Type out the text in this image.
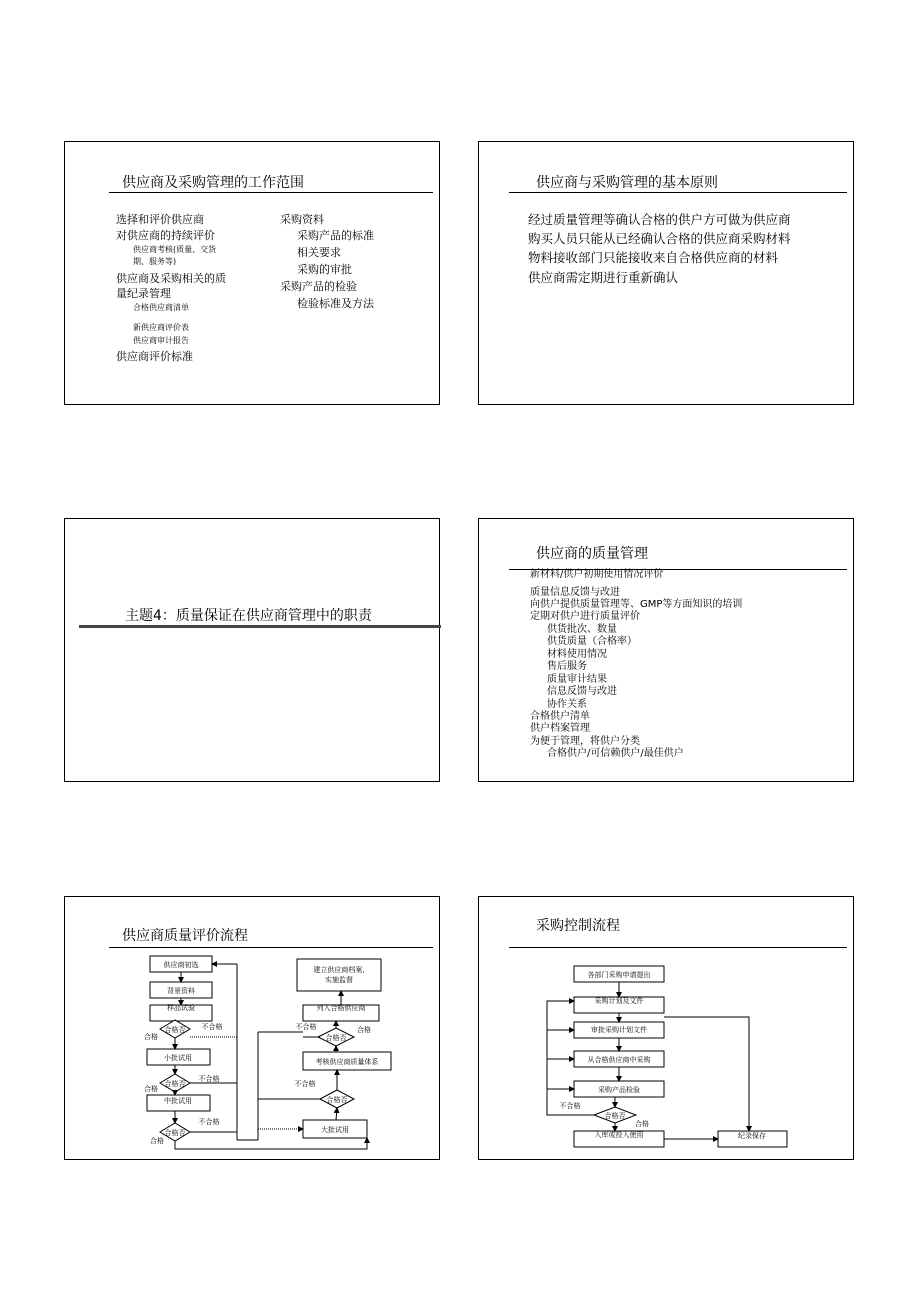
供应商及采购管理的工作范围
选择和评价供应商
对供应商的持续评价
供应商考核(质量、交货
期、服务等)
供应商及采购相关的质
量纪录管理
合格供应商清单
新供应商评价表
供应商审计报告
供应商评价标准
采购资料
采购产品的标准
相关要求
采购的审批
采购产品的检验
检验标准及方法
供应商与采购管理的基本原则
经过质量管理等确认合格的供户方可做为供应商
购买人员只能从已经确认合格的供应商采购材料
物料接收部门只能接收来自合格供应商的材料
供应商需定期进行重新确认
主题4：质量保证在供应商管理中的职责
供应商的质量管理
新材料/供户初期使用情况评价
质量信息反馈与改进
向供户提供质量管理等、GMP等方面知识的培训
定期对供户进行质量评价
供货批次、数量
供货质量（合格率）
材料使用情况
售后服务
质量审计结果
信息反馈与改进
协作关系
合格供户清单
供户档案管理
为便于管理，将供户分类
合格供户/可信赖供户/最佳供户
供应商质量评价流程
供应商初选
背景资料
样品试验
合格否
小批试用
合格否
中批试用
合格否
建立供应商档案,
实施监督
列入合格供应商
合格否
考核供应商质量体系
合格否
大批试用
合格
不合格
合格
不合格
合格
不合格
不合格	合格
不合格
采购控制流程
各部门采购申请提出
采购计划及文件
审批采购计划文件
从合格供应商中采购
采购产品检验
合格否
入库或投入使用	纪录保存
不合格
合格
